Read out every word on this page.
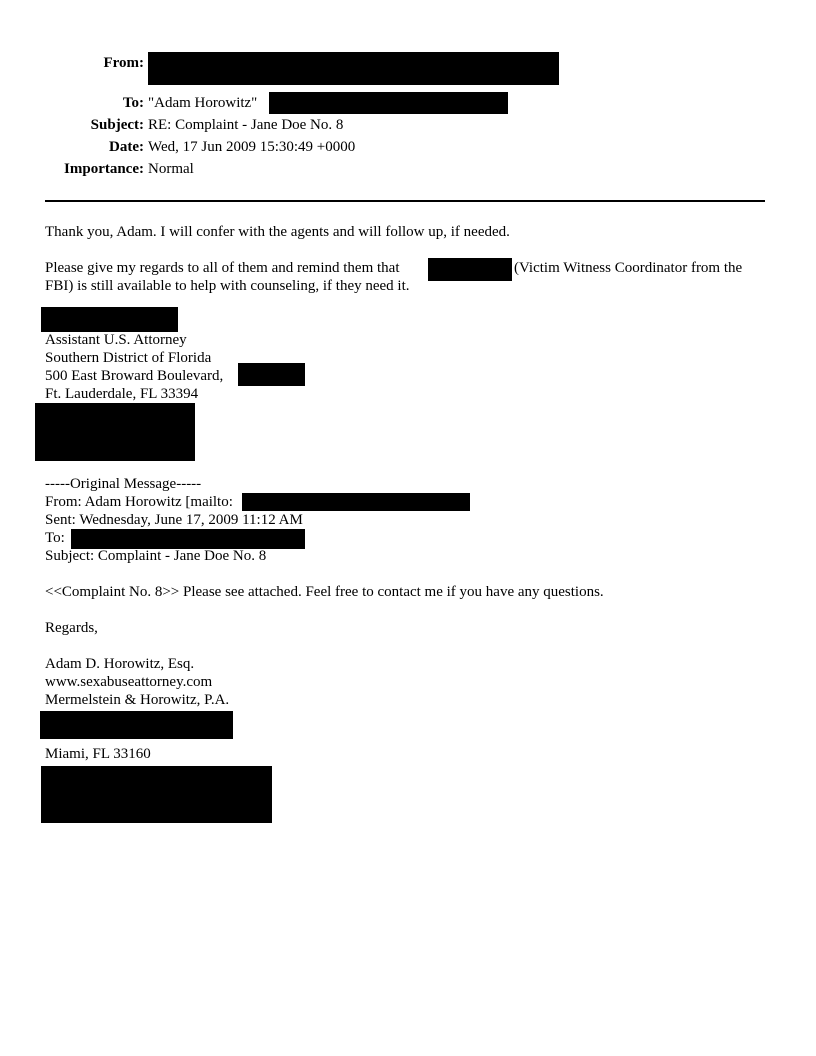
From:
To: "Adam Horowitz"
Subject: RE: Complaint - Jane Doe No. 8
Date: Wed, 17 Jun 2009 15:30:49 +0000
Importance: Normal
Thank you, Adam. I will confer with the agents and will follow up, if needed.
Please give my regards to all of them and remind them that	(Victim Witness Coordinator from the
FBI) is still available to help with counseling, if they need it.
Assistant U.S. Attorney
Southern District of Florida
500 East Broward Boulevard,
Ft. Lauderdale, FL 33394
-----Original Message-----
From: Adam Horowitz [mailto:
Sent: Wednesday, June 17, 2009 11:12 AM
To:
Subject: Complaint - Jane Doe No. 8
<<Complaint No. 8>> Please see attached. Feel free to contact me if you have any questions.
Regards,
Adam D. Horowitz, Esq.
www.sexabuseattorney.com
Mermelstein & Horowitz, P.A.
Miami, FL 33160
